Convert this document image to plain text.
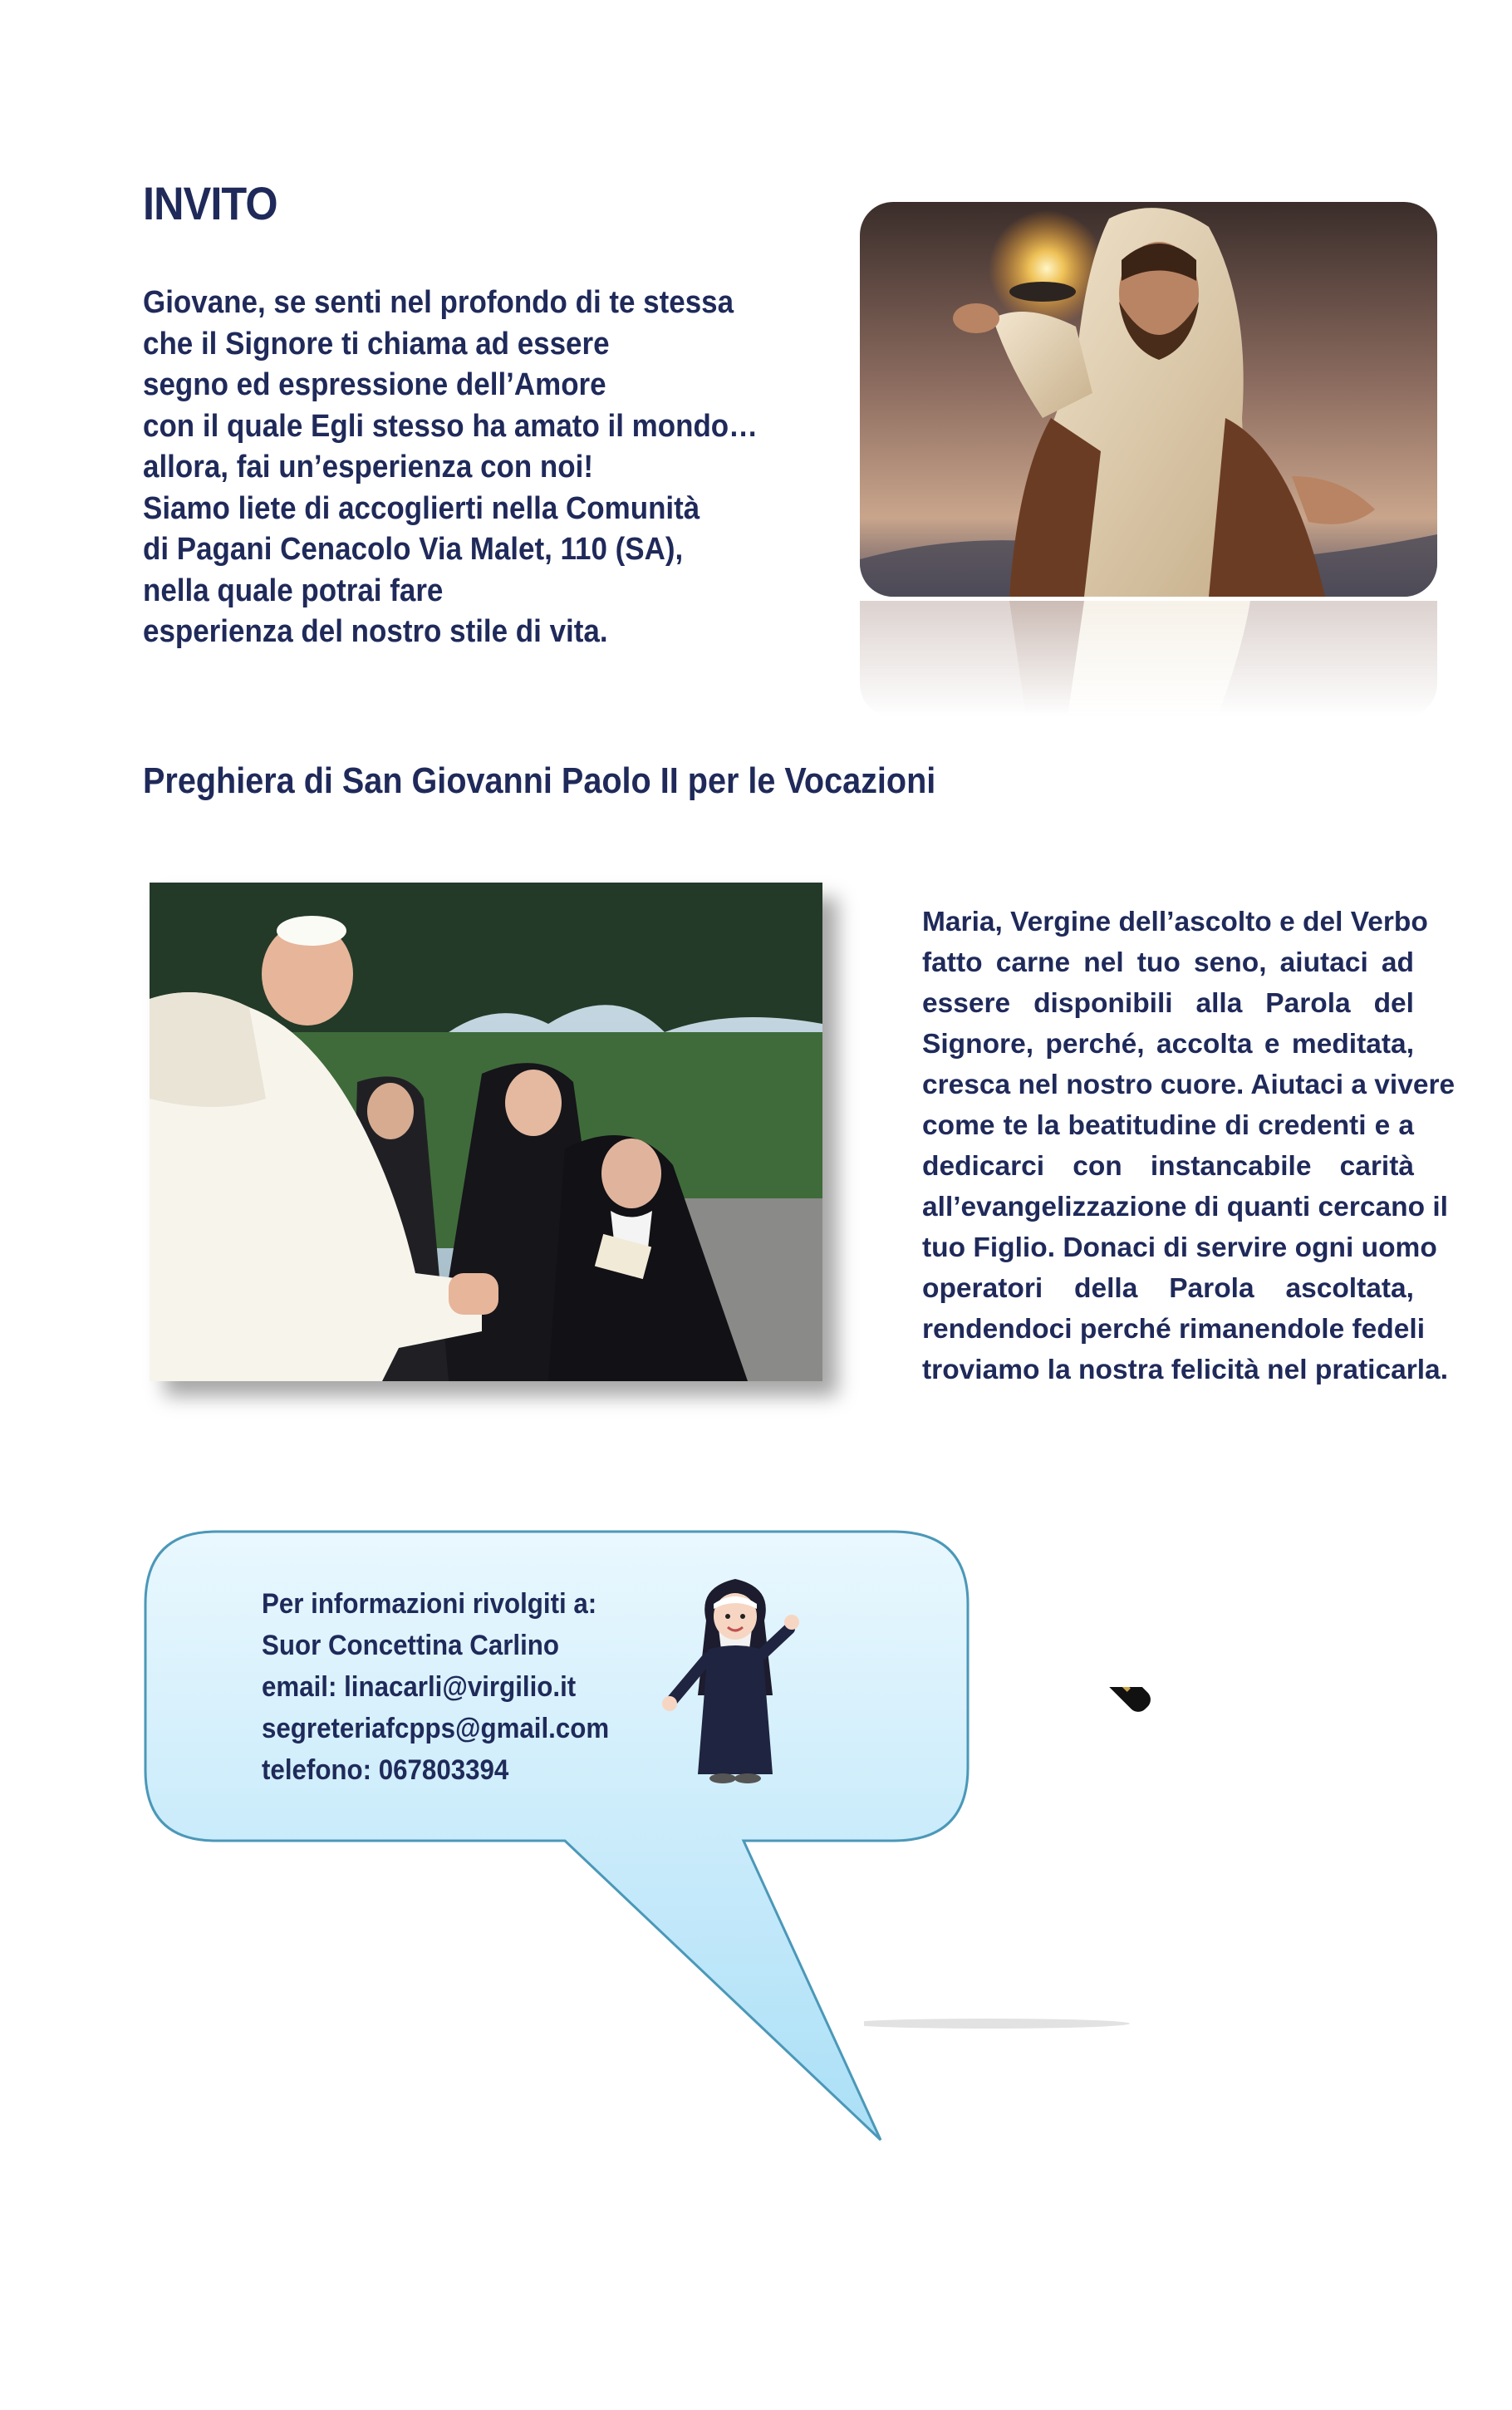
INVITO
Giovane, se senti nel profondo di te stessa
che il Signore ti chiama ad essere
segno ed espressione dell’Amore
con il quale Egli stesso ha amato il mondo…
allora, fai un’esperienza con noi!
Siamo liete di accoglierti nella Comunità
di Pagani Cenacolo Via Malet, 110 (SA),
nella quale potrai fare
esperienza del nostro stile di vita.
Preghiera di San Giovanni Paolo II per le Vocazioni
Maria, Vergine dell’ascolto e del Verbo
fatto carne nel tuo seno, aiutaci ad
essere disponibili alla Parola del
Signore, perché, accolta e meditata,
cresca nel nostro cuore. Aiutaci a vivere
come te la beatitudine di credenti e a
dedicarci con instancabile carità
all’evangelizzazione di quanti cercano il
tuo Figlio. Donaci di servire ogni uomo
operatori della Parola ascoltata,
rendendoci perché rimanendole fedeli
troviamo la nostra felicità nel praticarla.
Per informazioni rivolgiti a:
Suor Concettina Carlino
email: linacarli@virgilio.it
segreteriafcpps@gmail.com
telefono: 067803394
